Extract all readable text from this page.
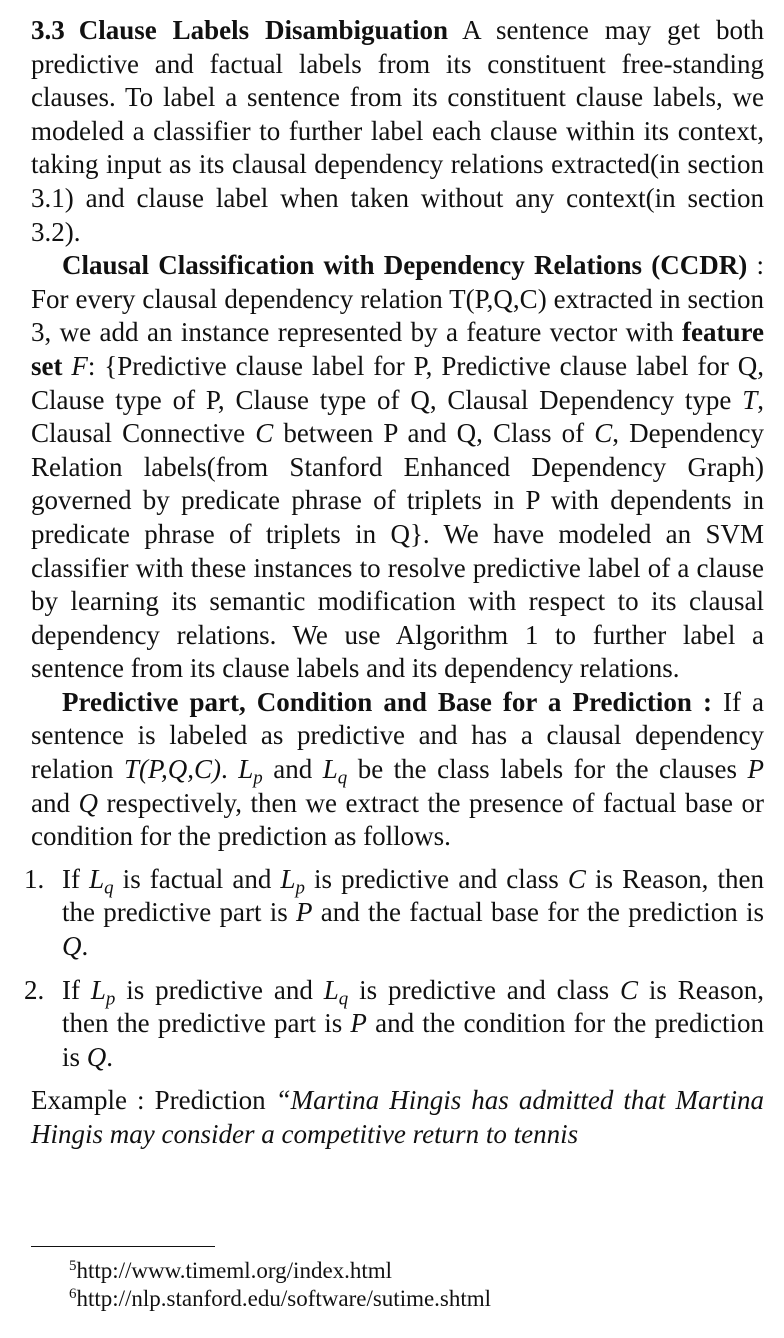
3.3 Clause Labels Disambiguation A sentence may get both predictive and factual labels from its constituent free-standing clauses. To label a sentence from its constituent clause labels, we modeled a classifier to further label each clause within its context, taking input as its clausal dependency relations extracted(in section 3.1) and clause label when taken without any context(in section 3.2).

Clausal Classification with Dependency Relations (CCDR) : For every clausal dependency relation T(P,Q,C) extracted in section 3, we add an instance represented by a feature vector with feature set F: {Predictive clause label for P, Predictive clause label for Q, Clause type of P, Clause type of Q, Clausal Dependency type T, Clausal Connective C between P and Q, Class of C, Dependency Relation labels(from Stanford Enhanced Dependency Graph) governed by predicate phrase of triplets in P with dependents in predicate phrase of triplets in Q}. We have modeled an SVM classifier with these instances to resolve predictive label of a clause by learning its semantic modification with respect to its clausal dependency relations. We use Algorithm 1 to further label a sentence from its clause labels and its dependency relations.

Predictive part, Condition and Base for a Prediction : If a sentence is labeled as predictive and has a clausal dependency relation T(P,Q,C). $L_p$ and $L_q$ be the class labels for the clauses P and Q respectively, then we extract the presence of factual base or condition for the prediction as follows.

1. If $L_q$ is factual and $L_p$ is predictive and class C is Reason, then the predictive part is P and the factual base for the prediction is Q.
2. If $L_p$ is predictive and $L_q$ is predictive and class C is Reason, then the predictive part is P and the condition for the prediction is Q.

Example : Prediction “Martina Hingis has admitted that Martina Hingis may consider a competitive return to tennis

$^5$http://www.timeml.org/index.html
$^6$http://nlp.stanford.edu/software/sutime.shtml
